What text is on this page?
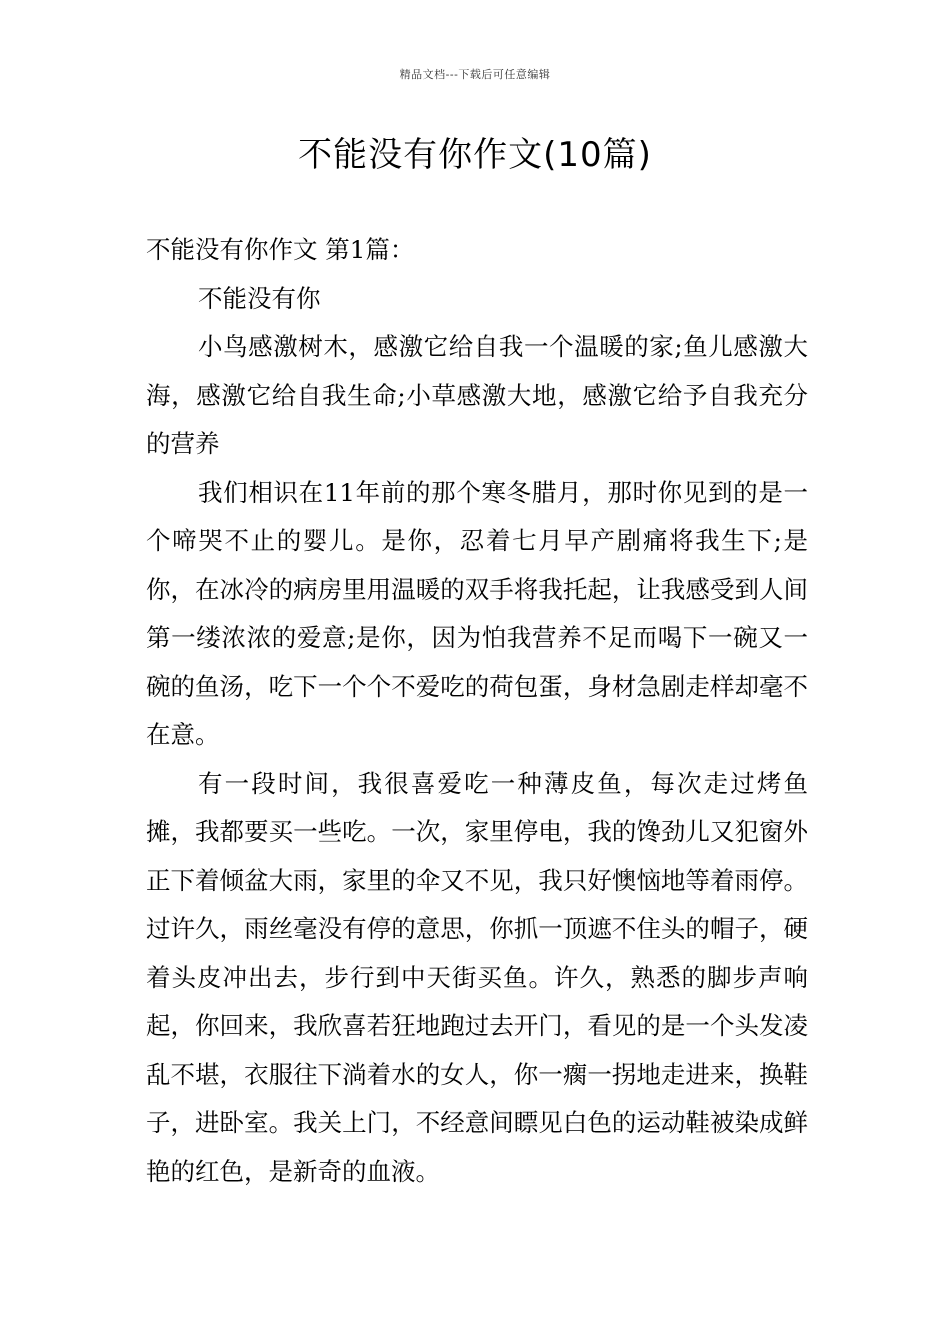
精品文档---下载后可任意编辑
不能没有你作文(10篇)

不能没有你作文 第1篇：

不能没有你

小鸟感激树木，感激它给自我一个温暖的家;鱼儿感激大海，感激它给自我生命;小草感激大地，感激它给予自我充分的营养

我们相识在11年前的那个寒冬腊月，那时你见到的是一个啼哭不止的婴儿。是你，忍着七月早产剧痛将我生下;是你，在冰冷的病房里用温暖的双手将我托起，让我感受到人间第一缕浓浓的爱意;是你，因为怕我营养不足而喝下一碗又一碗的鱼汤，吃下一个个不爱吃的荷包蛋，身材急剧走样却毫不在意。

有一段时间，我很喜爱吃一种薄皮鱼，每次走过烤鱼摊，我都要买一些吃。一次，家里停电，我的馋劲儿又犯窗外正下着倾盆大雨，家里的伞又不见，我只好懊恼地等着雨停。过许久，雨丝毫没有停的意思，你抓一顶遮不住头的帽子，硬着头皮冲出去，步行到中天街买鱼。许久，熟悉的脚步声响起，你回来，我欣喜若狂地跑过去开门，看见的是一个头发凌乱不堪，衣服往下淌着水的女人，你一瘸一拐地走进来，换鞋子，进卧室。我关上门，不经意间瞟见白色的运动鞋被染成鲜艳的红色，是新奇的血液。
